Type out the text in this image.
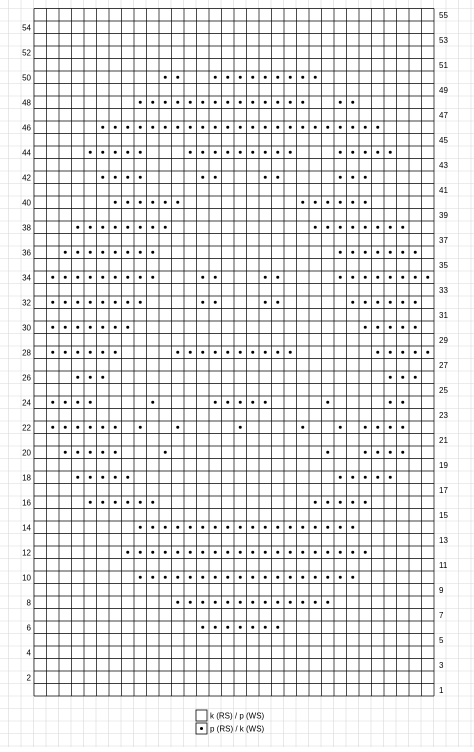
2
4
6
8
10
12
14
16
18
20
22
24
26
28
30
32
34
36
38
40
42
44
46
48
50
52
54
1
3
5
7
9
11
13
15
17
19
21
23
25
27
29
31
33
35
37
39
41
43
45
47
49
51
53
55
k (RS) / p (WS)
p (RS) / k (WS)
